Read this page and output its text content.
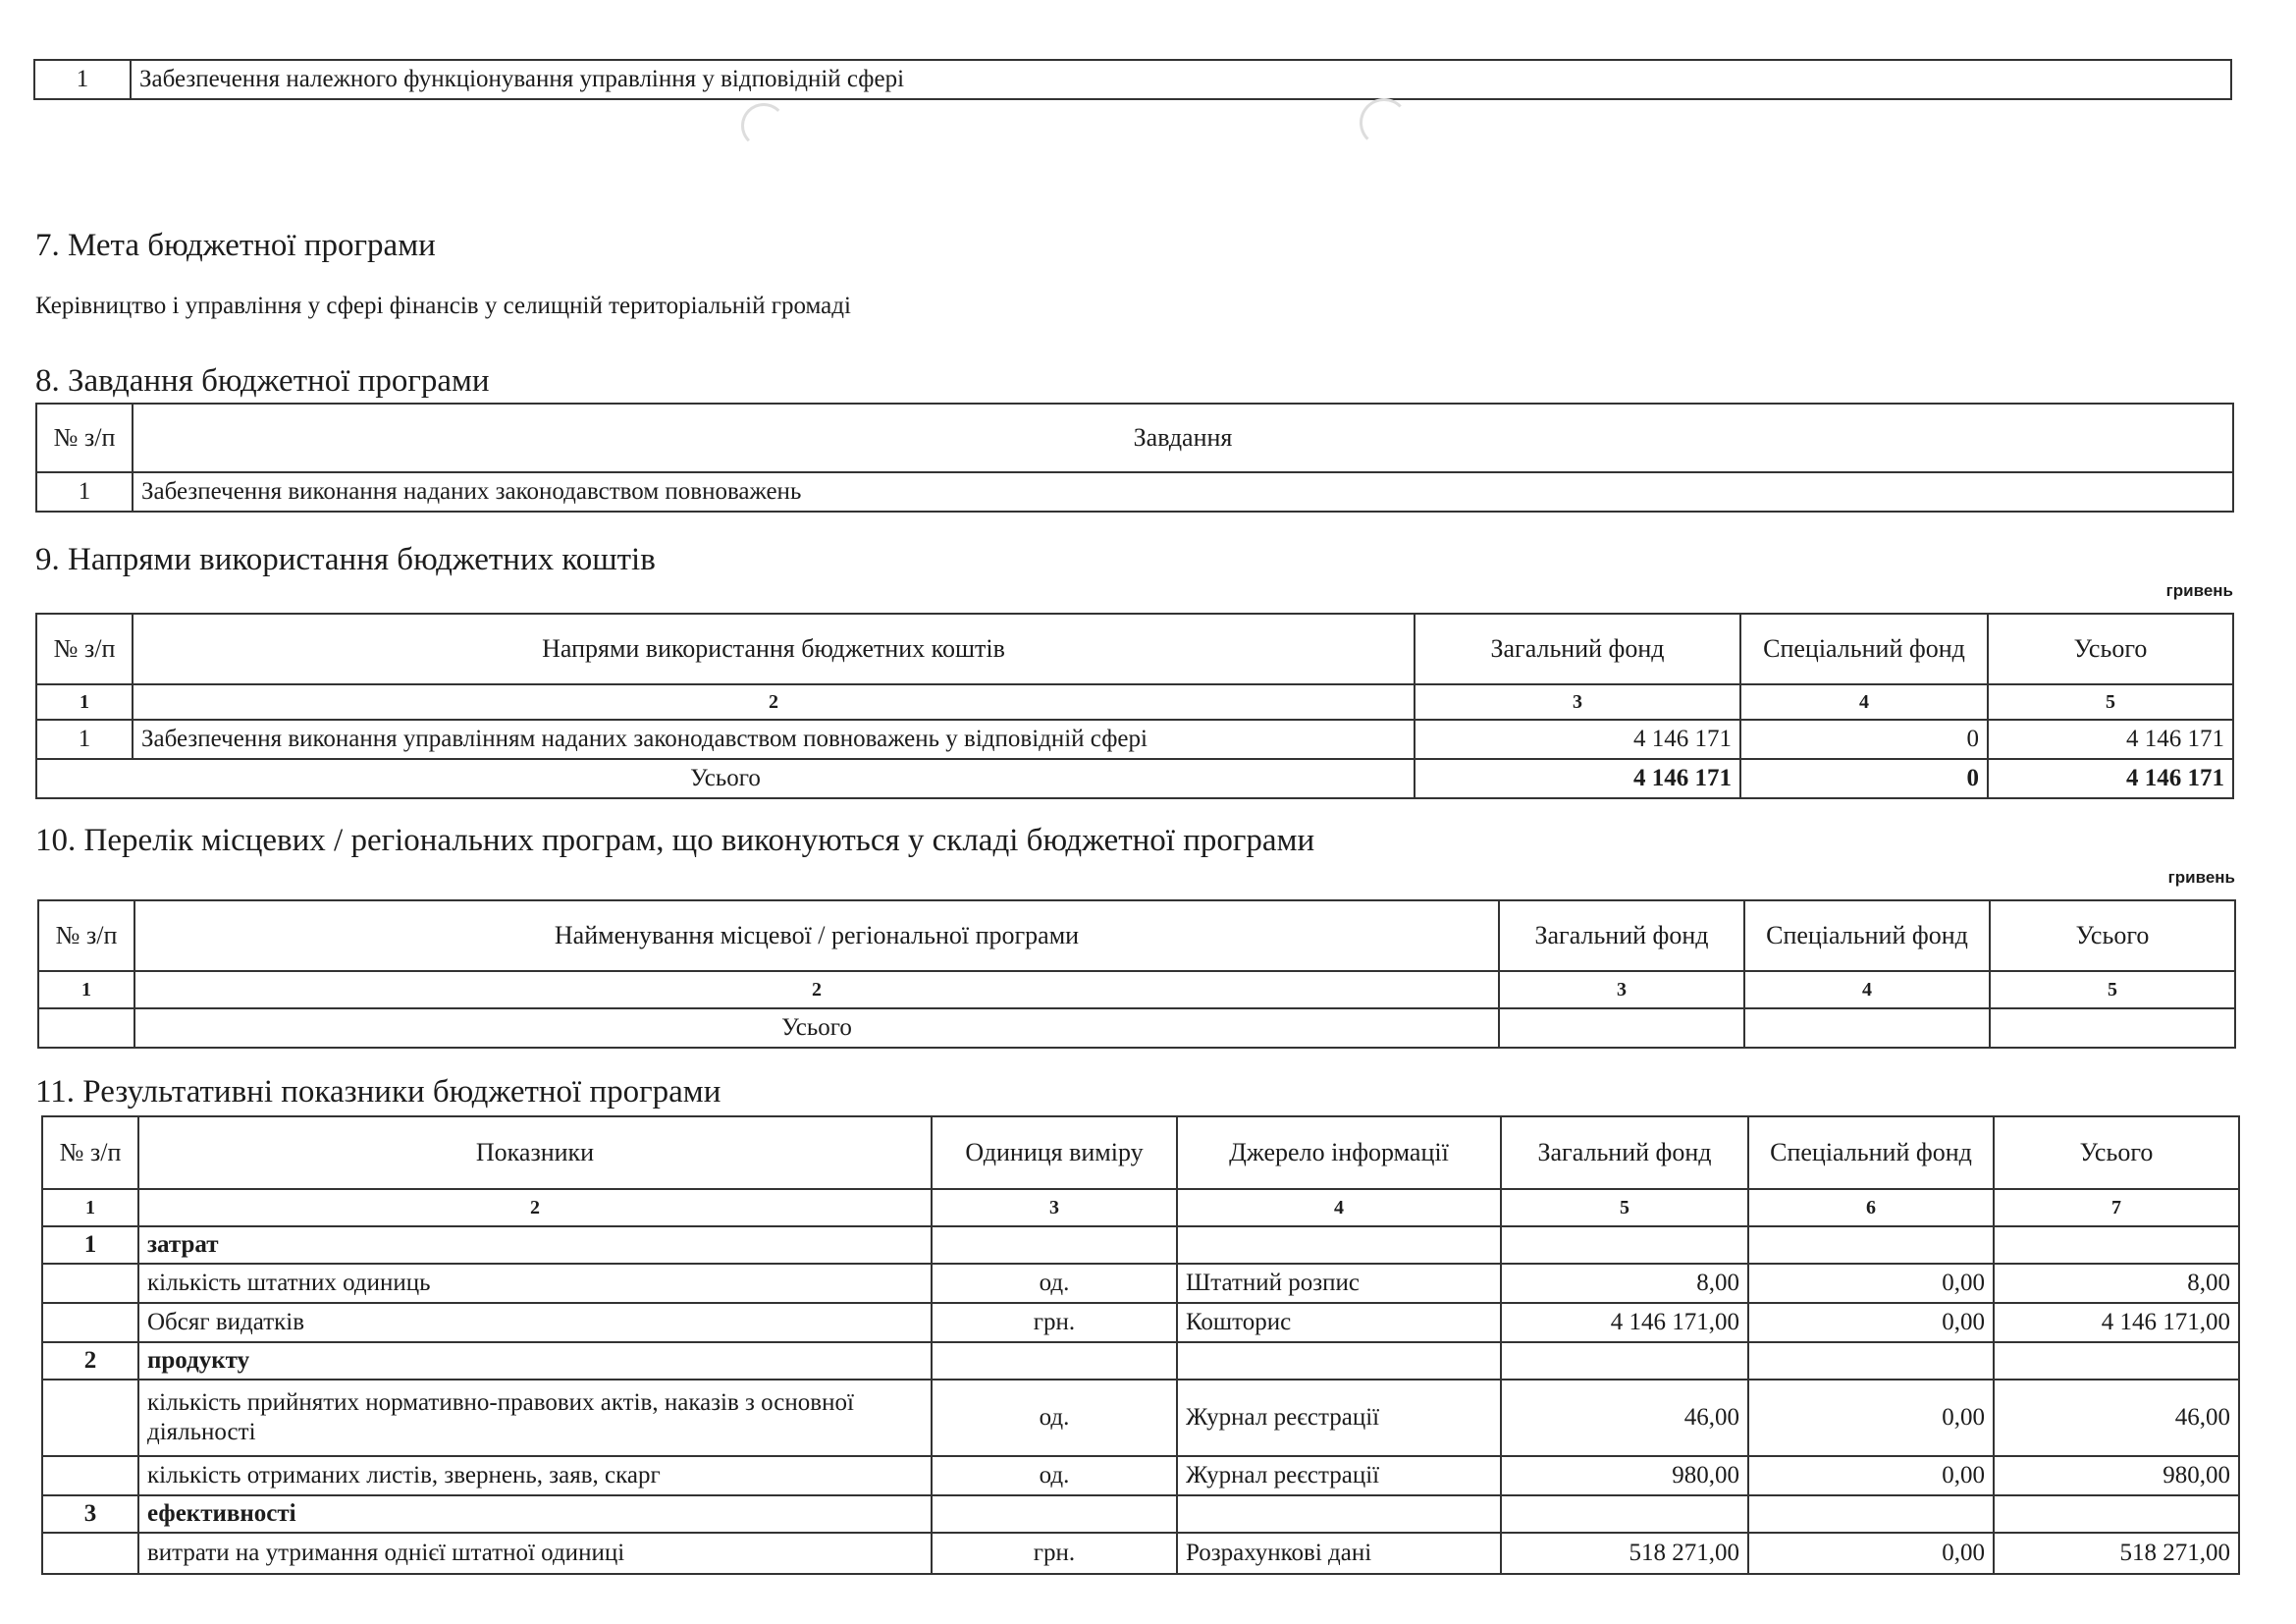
1	Забезпечення належного функціонування управління у відповідній сфері
7. Мета бюджетної програми
Керівництво і управління у сфері фінансів у селищній територіальній громаді
8. Завдання бюджетної програми
№ з/п	Завдання
1	Забезпечення виконання наданих законодавством повноважень
9. Напрями використання бюджетних коштів
гривень
№ з/п	Напрями використання бюджетних коштів	Загальний фонд	Спеціальний фонд	Усього
1	2	3	4	5
1	Забезпечення виконання управлінням наданих законодавством повноважень у відповідній сфері	4 146 171	0	4 146 171
Усього		4 146 171	0	4 146 171
10. Перелік місцевих / регіональних програм, що виконуються у складі бюджетної програми
гривень
№ з/п	Найменування місцевої / регіональної програми	Загальний фонд	Спеціальний фонд	Усього
1	2	3	4	5
	Усього			
11. Результативні показники бюджетної програми
№ з/п	Показники	Одиниця виміру	Джерело інформації	Загальний фонд	Спеціальний фонд	Усього
1	2	3	4	5	6	7
1	затрат					
	кількість штатних одиниць	од.	Штатний розпис	8,00	0,00	8,00
	Обсяг видатків	грн.	Кошторис	4 146 171,00	0,00	4 146 171,00
2	продукту					
	кількість прийнятих нормативно-правових актів, наказів з основної діяльності	од.	Журнал реєстрації	46,00	0,00	46,00
	кількість отриманих листів, звернень, заяв, скарг	од.	Журнал реєстрації	980,00	0,00	980,00
3	ефективності					
	витрати на утримання однієї штатної одиниці	грн.	Розрахункові дані	518 271,00	0,00	518 271,00
